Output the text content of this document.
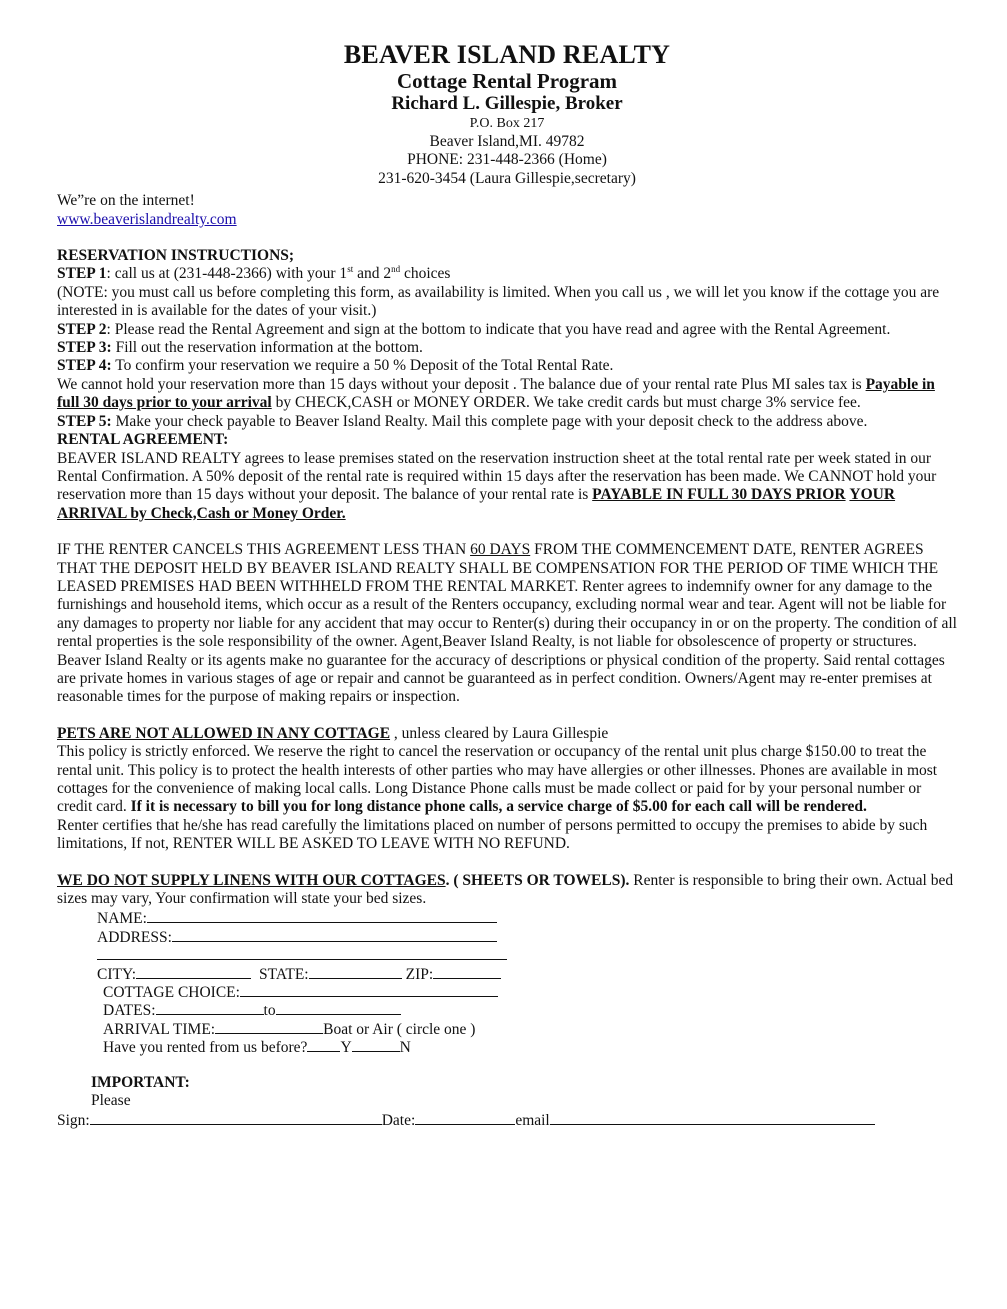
BEAVER ISLAND REALTY
Cottage Rental Program
Richard L. Gillespie, Broker
P.O. Box 217
Beaver Island,MI. 49782
PHONE: 231-448-2366 (Home)
231-620-3454 (Laura Gillespie,secretary)

We”re on the internet!

www.beaverislandrealty.com

RESERVATION INSTRUCTIONS;

STEP 1: call us at (231-448-2366) with your 1st and 2nd choices

(NOTE: you must call us before completing this form, as availability is limited. When you call us , we will let you know if the cottage you are interested in is available for the dates of your visit.)

STEP 2: Please read the Rental Agreement and sign at the bottom to indicate that you have read and agree with the Rental Agreement.

STEP 3: Fill out the reservation information at the bottom.

STEP 4: To confirm your reservation we require a 50 % Deposit of the Total Rental Rate.

We cannot hold your reservation more than 15 days without your deposit . The balance due of your rental rate Plus MI sales tax is Payable in full 30 days prior to your arrival by CHECK,CASH or MONEY ORDER. We take credit cards but must charge 3% service fee.

STEP 5: Make your check payable to Beaver Island Realty. Mail this complete page with your deposit check to the address above.

RENTAL AGREEMENT:

BEAVER ISLAND REALTY agrees to lease premises stated on the reservation instruction sheet at the total rental rate per week stated in our Rental Confirmation. A 50% deposit of the rental rate is required within 15 days after the reservation has been made. We CANNOT hold your reservation more than 15 days without your deposit. The balance of your rental rate is PAYABLE IN FULL 30 DAYS PRIOR YOUR ARRIVAL by Check,Cash or Money Order.

IF THE RENTER CANCELS THIS AGREEMENT LESS THAN 60 DAYS FROM THE COMMENCEMENT DATE, RENTER AGREES THAT THE DEPOSIT HELD BY BEAVER ISLAND REALTY SHALL BE COMPENSATION FOR THE PERIOD OF TIME WHICH THE LEASED PREMISES HAD BEEN WITHHELD FROM THE RENTAL MARKET. Renter agrees to indemnify owner for any damage to the furnishings and household items, which occur as a result of the Renters occupancy, excluding normal wear and tear. Agent will not be liable for any damages to property nor liable for any accident that may occur to Renter(s) during their occupancy in or on the property. The condition of all rental properties is the sole responsibility of the owner. Agent,Beaver Island Realty, is not liable for obsolescence of property or structures. Beaver Island Realty or its agents make no guarantee for the accuracy of descriptions or physical condition of the property. Said rental cottages are private homes in various stages of age or repair and cannot be guaranteed as in perfect condition. Owners/Agent may re-enter premises at reasonable times for the purpose of making repairs or inspection.

PETS ARE NOT ALLOWED IN ANY COTTAGE , unless cleared by Laura Gillespie

This policy is strictly enforced. We reserve the right to cancel the reservation or occupancy of the rental unit plus charge $150.00 to treat the rental unit. This policy is to protect the health interests of other parties who may have allergies or other illnesses. Phones are available in most cottages for the convenience of making local calls. Long Distance Phone calls must be made collect or paid for by your personal number or credit card. If it is necessary to bill you for long distance phone calls, a service charge of $5.00 for each call will be rendered.

Renter certifies that he/she has read carefully the limitations placed on number of persons permitted to occupy the premises to abide by such limitations, If not, RENTER WILL BE ASKED TO LEAVE WITH NO REFUND.

WE DO NOT SUPPLY LINENS WITH OUR COTTAGES. ( SHEETS OR TOWELS). Renter is responsible to bring their own. Actual bed sizes may vary, Your confirmation will state your bed sizes.

NAME:
ADDRESS:
CITY:	STATE:	ZIP:
COTTAGE CHOICE:
DATES:	to
ARRIVAL TIME:	Boat or Air ( circle one )
Have you rented from us before? Y	N
IMPORTANT:
Please
Sign:	Date:	email
